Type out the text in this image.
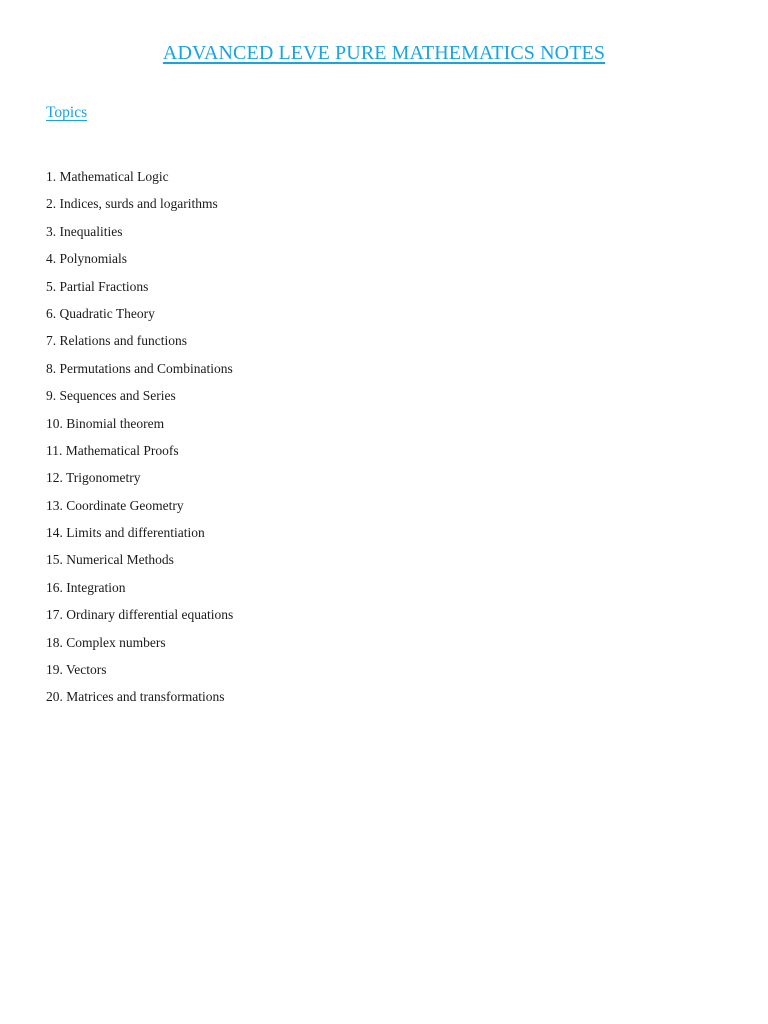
ADVANCED LEVE PURE MATHEMATICS NOTES
Topics
1. Mathematical Logic
2. Indices, surds and logarithms
3. Inequalities
4. Polynomials
5. Partial Fractions
6. Quadratic Theory
7. Relations and functions
8. Permutations and Combinations
9. Sequences and Series
10. Binomial theorem
11. Mathematical Proofs
12. Trigonometry
13. Coordinate Geometry
14. Limits and differentiation
15. Numerical Methods
16. Integration
17. Ordinary differential equations
18. Complex numbers
19. Vectors
20. Matrices and transformations
